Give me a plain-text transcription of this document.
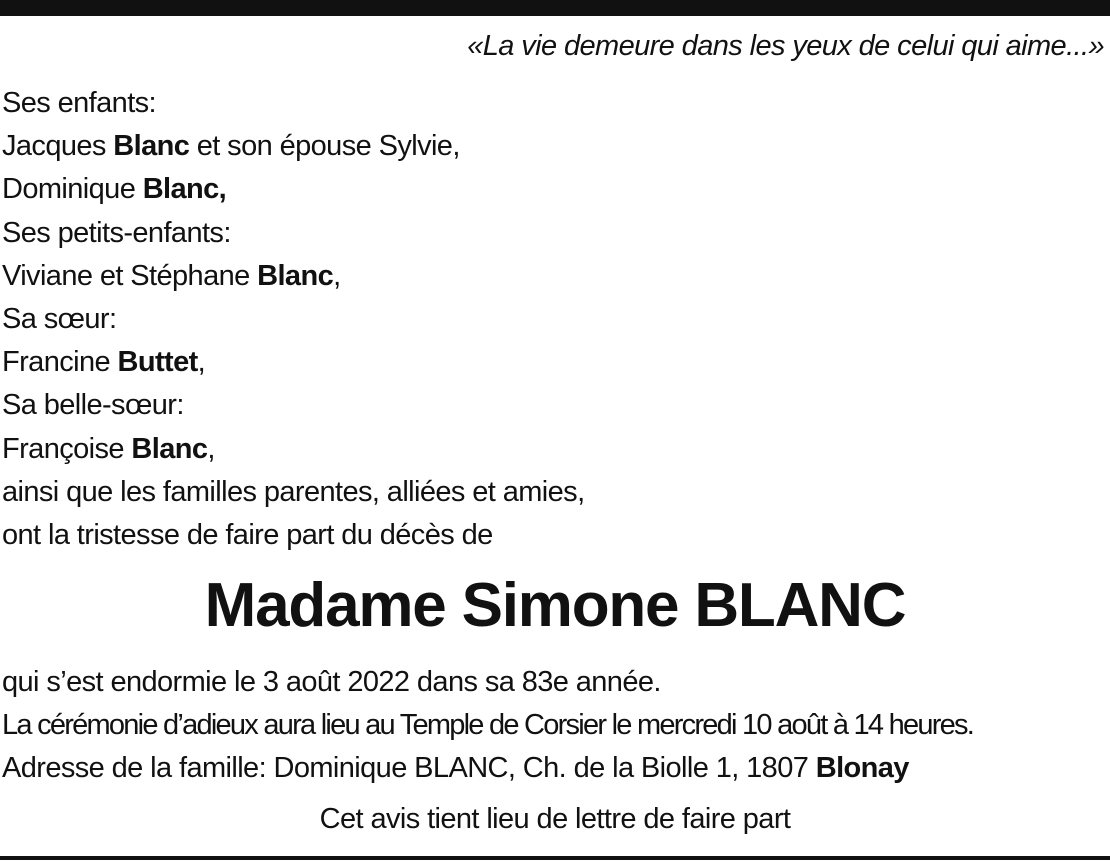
«La vie demeure dans les yeux de celui qui aime...»
Ses enfants:
Jacques Blanc et son épouse Sylvie,
Dominique Blanc,
Ses petits-enfants:
Viviane et Stéphane Blanc,
Sa sœur:
Francine Buttet,
Sa belle-sœur:
Françoise Blanc,
ainsi que les familles parentes, alliées et amies,
ont la tristesse de faire part du décès de
Madame Simone BLANC
qui s’est endormie le 3 août 2022 dans sa 83e année.
La cérémonie d’adieux aura lieu au Temple de Corsier le mercredi 10 août à 14 heures.
Adresse de la famille: Dominique BLANC, Ch. de la Biolle 1, 1807 Blonay
Cet avis tient lieu de lettre de faire part
